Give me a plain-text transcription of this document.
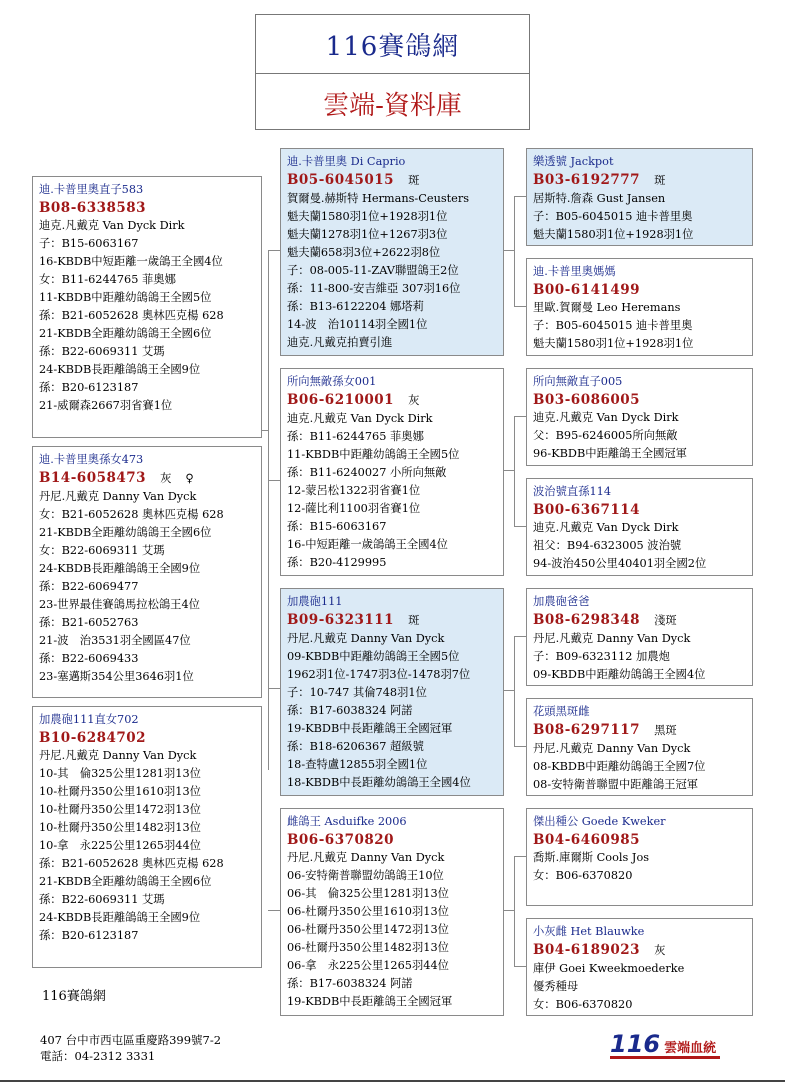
116賽鴿網
雲端-資料庫
迪.卡普里奧直子583
B08-6338583
迪克.凡戴克 Van Dyck Dirk
子：B15-6063167
16-KBDB中短距離一歲鴿王全國4位
女：B11-6244765 菲奧娜
11-KBDB中距離幼鴿鴿王全國5位
孫：B21-6052628 奧林匹克楊 628
21-KBDB全距離幼鴿鴿王全國6位
孫：B22-6069311 艾瑪
24-KBDB長距離鴿鴿王全國9位
孫：B20-6123187
21-威爾森2667羽省賽1位
迪.卡普里奧孫女473
B14-6058473 灰 ♀
丹尼.凡戴克 Danny Van Dyck
女：B21-6052628 奧林匹克楊 628
21-KBDB全距離幼鴿鴿王全國6位
女：B22-6069311 艾瑪
24-KBDB長距離鴿鴿王全國9位
孫：B22-6069477
23-世界最佳賽鴿馬拉松鴿王4位
孫：B21-6052763
21-波　治3531羽全國區47位
孫：B22-6069433
23-塞邁斯354公里3646羽1位
加農砲111直女702
B10-6284702
丹尼.凡戴克 Danny Van Dyck
10-其　倫325公里1281羽13位
10-杜爾丹350公里1610羽13位
10-杜爾丹350公里1472羽13位
10-杜爾丹350公里1482羽13位
10-拿　永225公里1265羽44位
孫：B21-6052628 奧林匹克楊 628
21-KBDB全距離幼鴿鴿王全國6位
孫：B22-6069311 艾瑪
24-KBDB長距離鴿鴿王全國9位
孫：B20-6123187
迪.卡普里奧 Di Caprio
B05-6045015 斑
賀爾曼.赫斯特 Hermans-Ceusters
魁夫蘭1580羽1位+1928羽1位
魁夫蘭1278羽1位+1267羽3位
魁夫蘭658羽3位+2622羽8位
子：08-005-11-ZAV聯盟鴿王2位
孫：11-800-安吉維亞 307羽16位
孫：B13-6122204 娜塔莉
14-波　治10114羽全國1位
迪克.凡戴克拍賣引進
所向無敵孫女001
B06-6210001 灰
迪克.凡戴克 Van Dyck Dirk
孫：B11-6244765 菲奧娜
11-KBDB中距離幼鴿鴿王全國5位
孫：B11-6240027 小所向無敵
12-蒙呂松1322羽省賽1位
12-薩比利1100羽省賽1位
孫：B15-6063167
16-中短距離一歲鴿鴿王全國4位
孫：B20-4129995
加農砲111
B09-6323111 斑
丹尼.凡戴克 Danny Van Dyck
09-KBDB中距離幼鴿鴿王全國5位
1962羽1位-1747羽3位-1478羽7位
子：10-747 其倫748羽1位
孫：B17-6038324 阿諾
19-KBDB中長距離鴿王全國冠軍
孫：B18-6206367 超級號
18-查特盧12855羽全國1位
18-KBDB中長距離幼鴿鴿王全國4位
雌鴿王 Asduifke 2006
B06-6370820
丹尼.凡戴克 Danny Van Dyck
06-安特衛普聯盟幼鴿鴿王10位
06-其　倫325公里1281羽13位
06-杜爾丹350公里1610羽13位
06-杜爾丹350公里1472羽13位
06-杜爾丹350公里1482羽13位
06-拿　永225公里1265羽44位
孫：B17-6038324 阿諾
19-KBDB中長距離鴿王全國冠軍
樂透號 Jackpot
B03-6192777 斑
居斯特.詹森 Gust Jansen
子：B05-6045015 迪卡普里奧
魁夫蘭1580羽1位+1928羽1位
迪.卡普里奧媽媽
B00-6141499
里歐.賀爾曼 Leo Heremans
子：B05-6045015 迪卡普里奧
魁夫蘭1580羽1位+1928羽1位
所向無敵直子005
B03-6086005
迪克.凡戴克 Van Dyck Dirk
父：B95-6246005所向無敵
96-KBDB中距離鴿王全國冠軍
波治號直孫114
B00-6367114
迪克.凡戴克 Van Dyck Dirk
祖父：B94-6323005 波治號
94-波治450公里40401羽全國2位
加農砲爸爸
B08-6298348 淺斑
丹尼.凡戴克 Danny Van Dyck
子：B09-6323112 加農炮
09-KBDB中距離幼鴿鴿王全國4位
花頭黑斑雌
B08-6297117 黑斑
丹尼.凡戴克 Danny Van Dyck
08-KBDB中距離幼鴿鴿王全國7位
08-安特衛普聯盟中距離鴿王冠軍
傑出種公 Goede Kweker
B04-6460985
喬斯.庫爾斯 Cools Jos
女：B06-6370820
小灰雌 Het Blauwke
B04-6189023 灰
庫伊 Goei Kweekmoederke
優秀種母
女：B06-6370820
116賽鴿網
407 台中市西屯區重慶路399號7-2
電話：04-2312 3331	116 雲端血統
